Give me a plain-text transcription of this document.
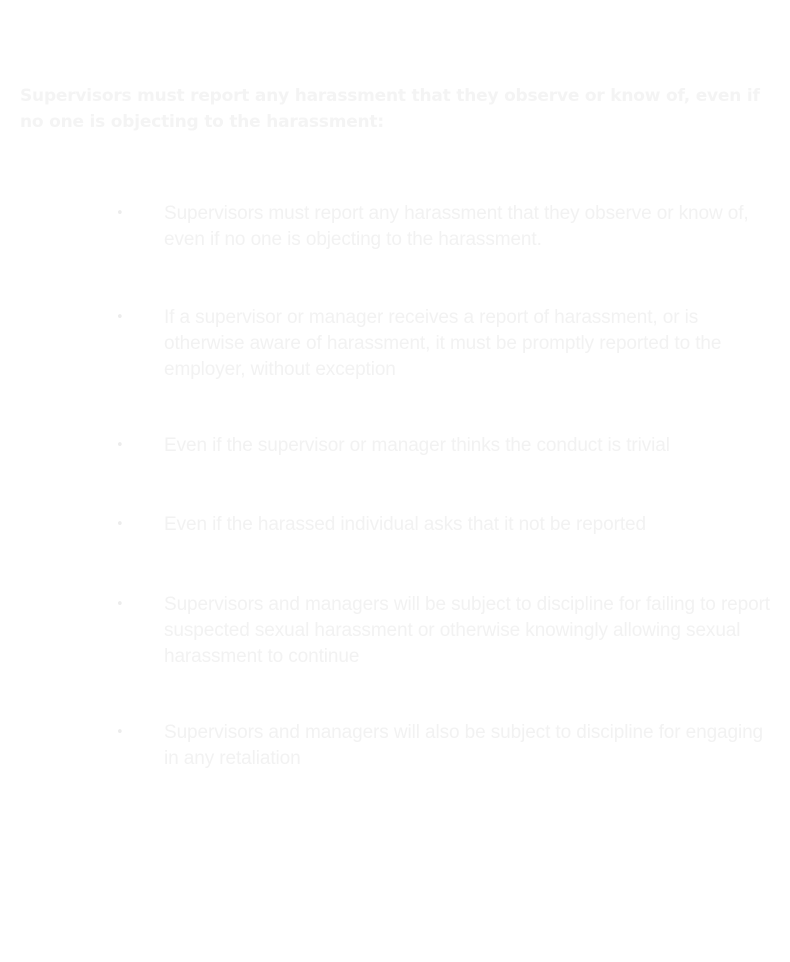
Supervisors must report any harassment that they observe or know of, even if no one is objecting to the harassment:

•	Supervisors must report any harassment that they observe or know of, even if no one is objecting to the harassment.
•	If a supervisor or manager receives a report of harassment, or is otherwise aware of harassment, it must be promptly reported to the employer, without exception
•	Even if the supervisor or manager thinks the conduct is trivial
•	Even if the harassed individual asks that it not be reported
•	Supervisors and managers will be subject to discipline for failing to report suspected sexual harassment or otherwise knowingly allowing sexual harassment to continue
•	Supervisors and managers will also be subject to discipline for engaging in any retaliation
